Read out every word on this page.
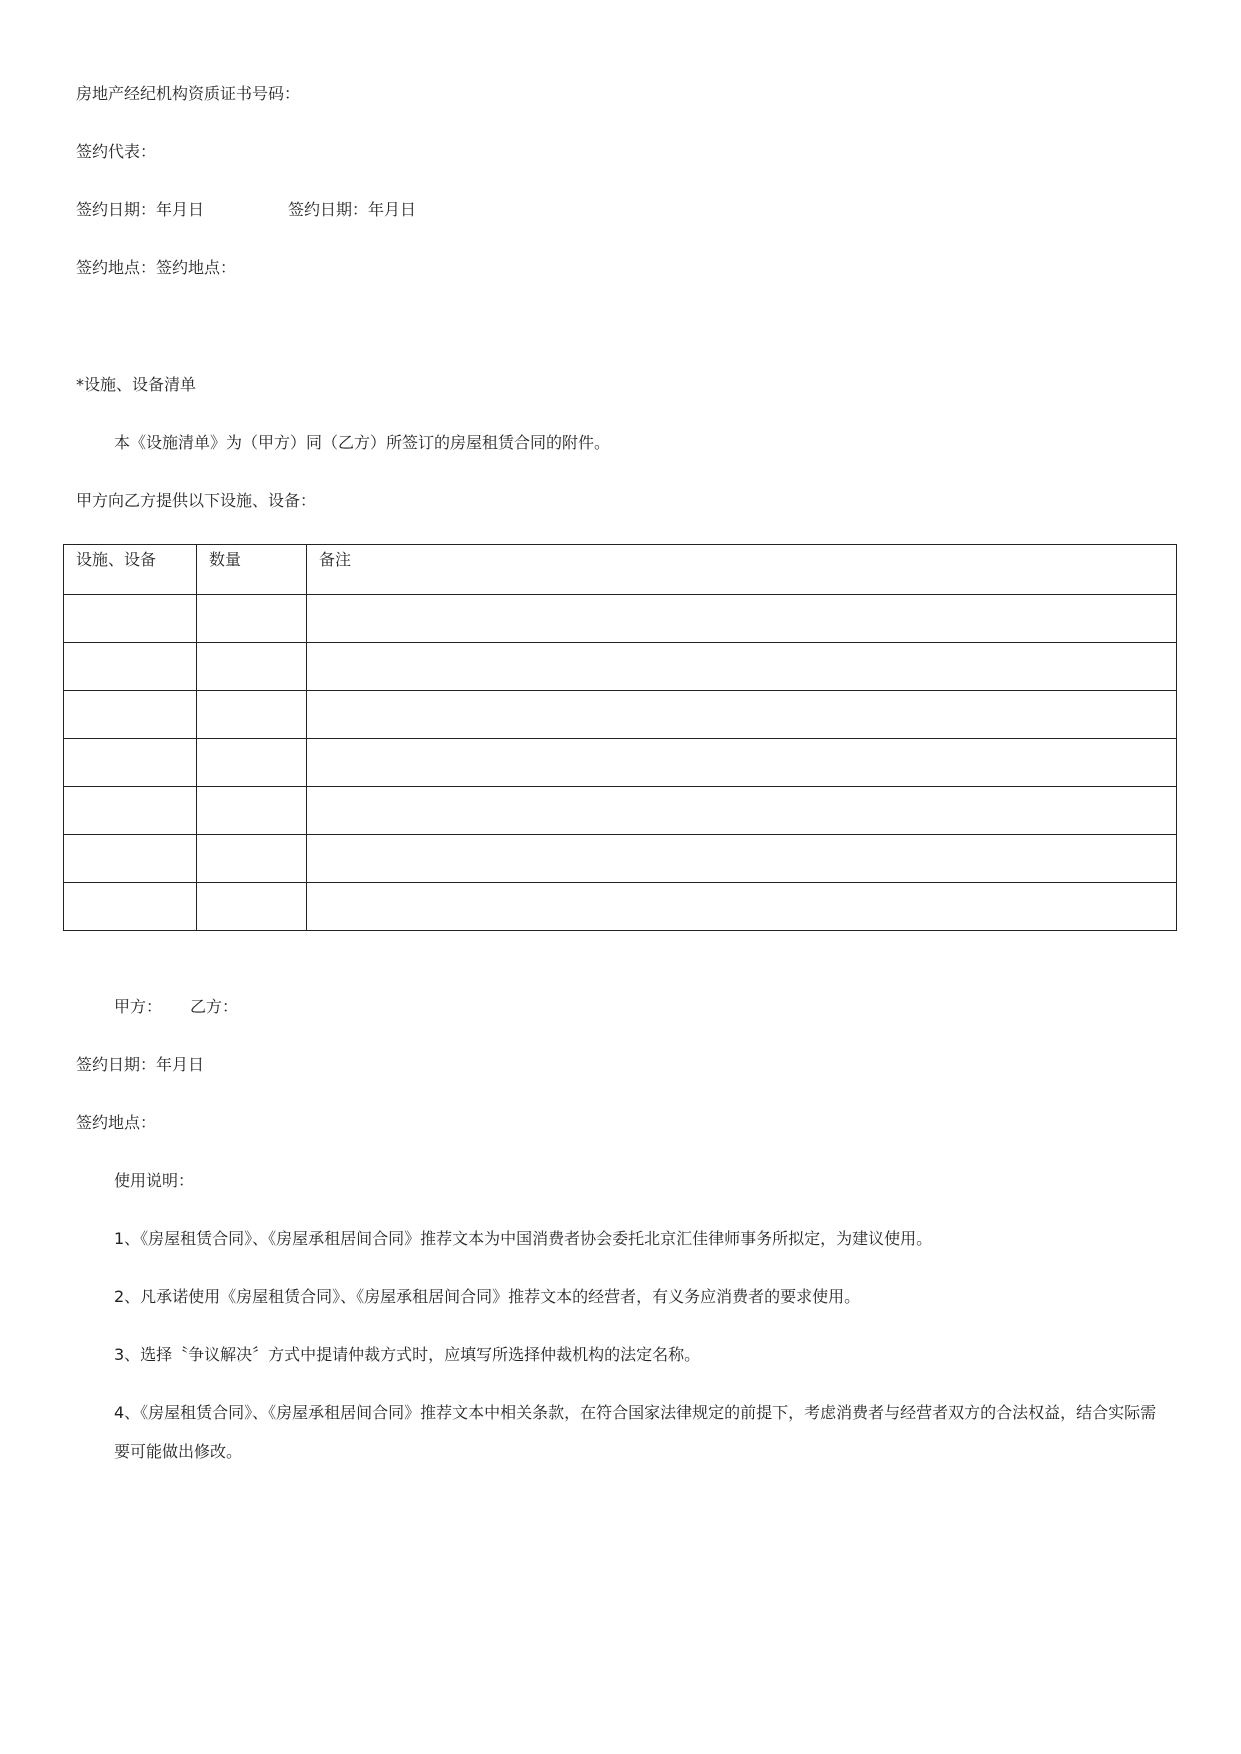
房地产经纪机构资质证书号码：
签约代表：
签约日期：年月日	签约日期：年月日
签约地点：签约地点：
*设施、设备清单
本《设施清单》为（甲方）同（乙方）所签订的房屋租赁合同的附件。
甲方向乙方提供以下设施、设备：
设施、设备	数量	备注

甲方： 乙方：
签约日期：年月日
签约地点：
使用说明：
1、《房屋租赁合同》、《房屋承租居间合同》推荐文本为中国消费者协会委托北京汇佳律师事务所拟定，为建议使用。
2、凡承诺使用《房屋租赁合同》、《房屋承租居间合同》推荐文本的经营者，有义务应消费者的要求使用。
3、选择〝争议解决〞方式中提请仲裁方式时，应填写所选择仲裁机构的法定名称。
4、《房屋租赁合同》、《房屋承租居间合同》推荐文本中相关条款，在符合国家法律规定的前提下，考虑消费者与经营者双方的合法权益，结合实际需要可能做出修改。
